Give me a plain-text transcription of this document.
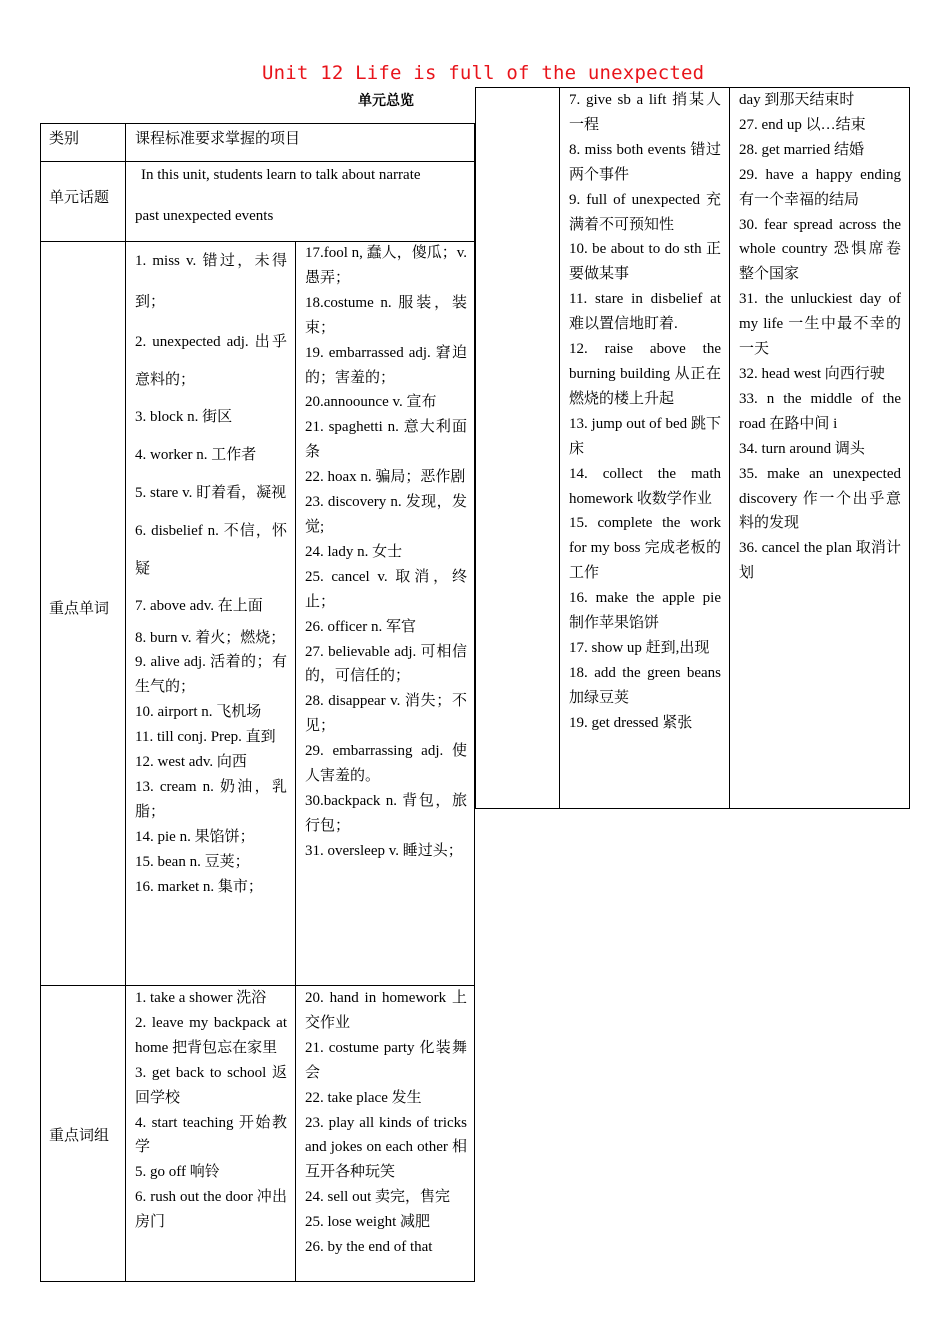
Unit 12 Life is full of the unexpected
单元总览
类别	课程标准要求掌握的项目
单元话题
In this unit, students learn to talk about narrate
past unexpected events
重点单词
1. miss v. 错过，未得到；
2. unexpected adj. 出乎意料的；
3. block n. 街区
4. worker n. 工作者
5. stare v. 盯着看，凝视
6. disbelief n. 不信，怀疑
7. above adv. 在上面
8. burn v. 着火；燃烧；
9. alive adj. 活着的；有生气的；
10. airport n. 飞机场
11. till conj. Prep. 直到
12. west adv. 向西
13. cream n. 奶油，乳脂；
14. pie n. 果馅饼；
15. bean n. 豆荚；
16. market n. 集市；
17.fool n, 蠢人，傻瓜；v.愚弄；
18.costume n. 服装，装束；
19. embarrassed adj. 窘迫的；害羞的；
20.annoounce v. 宣布
21. spaghetti n. 意大利面条
22. hoax n. 骗局；恶作剧
23. discovery n. 发现，发觉;
24. lady n. 女士
25. cancel v. 取消，终止；
26. officer n. 军官
27. believable adj. 可相信的，可信任的；
28. disappear v. 消失；不见；
29. embarrassing adj. 使人害羞的。
30.backpack n. 背包，旅行包；
31. oversleep v. 睡过头；
重点词组
1. take a shower 洗浴
2. leave my backpack at home 把背包忘在家里
3. get back to school 返回学校
4. start teaching 开始教学
5. go off 响铃
6. rush out the door 冲出房门
20. hand in homework 上交作业
21. costume party 化装舞会
22. take place 发生
23. play all kinds of tricks and jokes on each other 相互开各种玩笑
24. sell out 卖完，售完
25. lose weight 减肥
26. by the end of that
7. give sb a lift 捎某人一程
8. miss both events 错过两个事件
9. full of unexpected 充满着不可预知性
10. be about to do sth 正要做某事
11. stare in disbelief at 难以置信地盯着.
12. raise above the burning building 从正在燃烧的楼上升起
13. jump out of bed 跳下床
14. collect the math homework 收数学作业
15. complete the work for my boss 完成老板的工作
16. make the apple pie 制作苹果馅饼
17. show up 赶到,出现
18. add the green beans 加绿豆荚
19. get dressed 紧张
day 到那天结束时
27. end up 以…结束
28. get married 结婚
29. have a happy ending 有一个幸福的结局
30. fear spread across the whole country 恐惧席卷整个国家
31. the unluckiest day of my life 一生中最不幸的一天
32. head west 向西行驶
33. n the middle of the road 在路中间 i
34. turn around 调头
35. make an unexpected discovery 作一个出乎意料的发现
36. cancel the plan 取消计划
